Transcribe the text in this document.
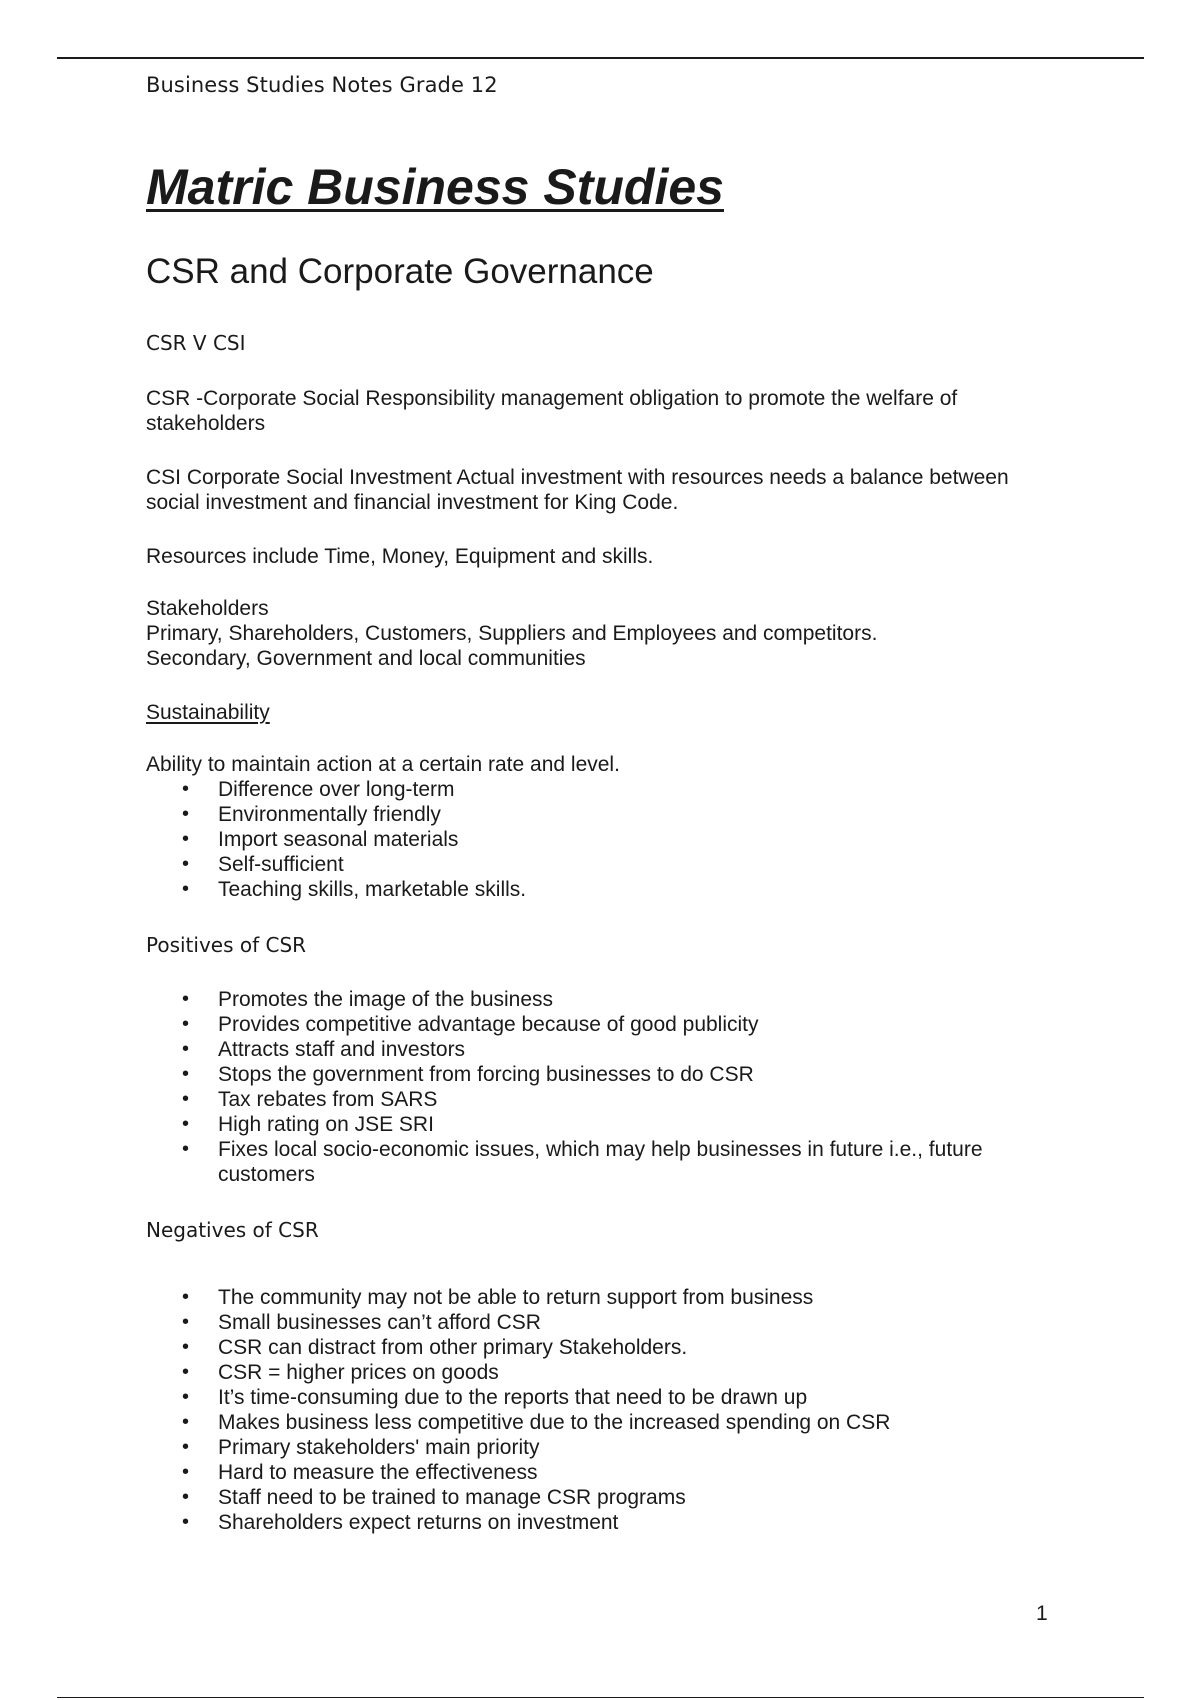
Business Studies Notes Grade 12

Matric Business Studies
CSR and Corporate Governance

CSR V CSI

CSR -Corporate Social Responsibility management obligation to promote the welfare of stakeholders

CSI Corporate Social Investment Actual investment with resources needs a balance between social investment and financial investment for King Code.

Resources include Time, Money, Equipment and skills.

Stakeholders

Primary, Shareholders, Customers, Suppliers and Employees and competitors.

Secondary, Government and local communities

Sustainability

Ability to maintain action at a certain rate and level.

• Difference over long-term
• Environmentally friendly
• Import seasonal materials
• Self-sufficient
• Teaching skills, marketable skills.

Positives of CSR

• Promotes the image of the business
• Provides competitive advantage because of good publicity
• Attracts staff and investors
• Stops the government from forcing businesses to do CSR
• Tax rebates from SARS
• High rating on JSE SRI
• Fixes local socio-economic issues, which may help businesses in future i.e., future customers

Negatives of CSR

• The community may not be able to return support from business
• Small businesses can’t afford CSR
• CSR can distract from other primary Stakeholders.
• CSR = higher prices on goods
• It’s time-consuming due to the reports that need to be drawn up
• Makes business less competitive due to the increased spending on CSR
• Primary stakeholders' main priority
• Hard to measure the effectiveness
• Staff need to be trained to manage CSR programs
• Shareholders expect returns on investment
1
